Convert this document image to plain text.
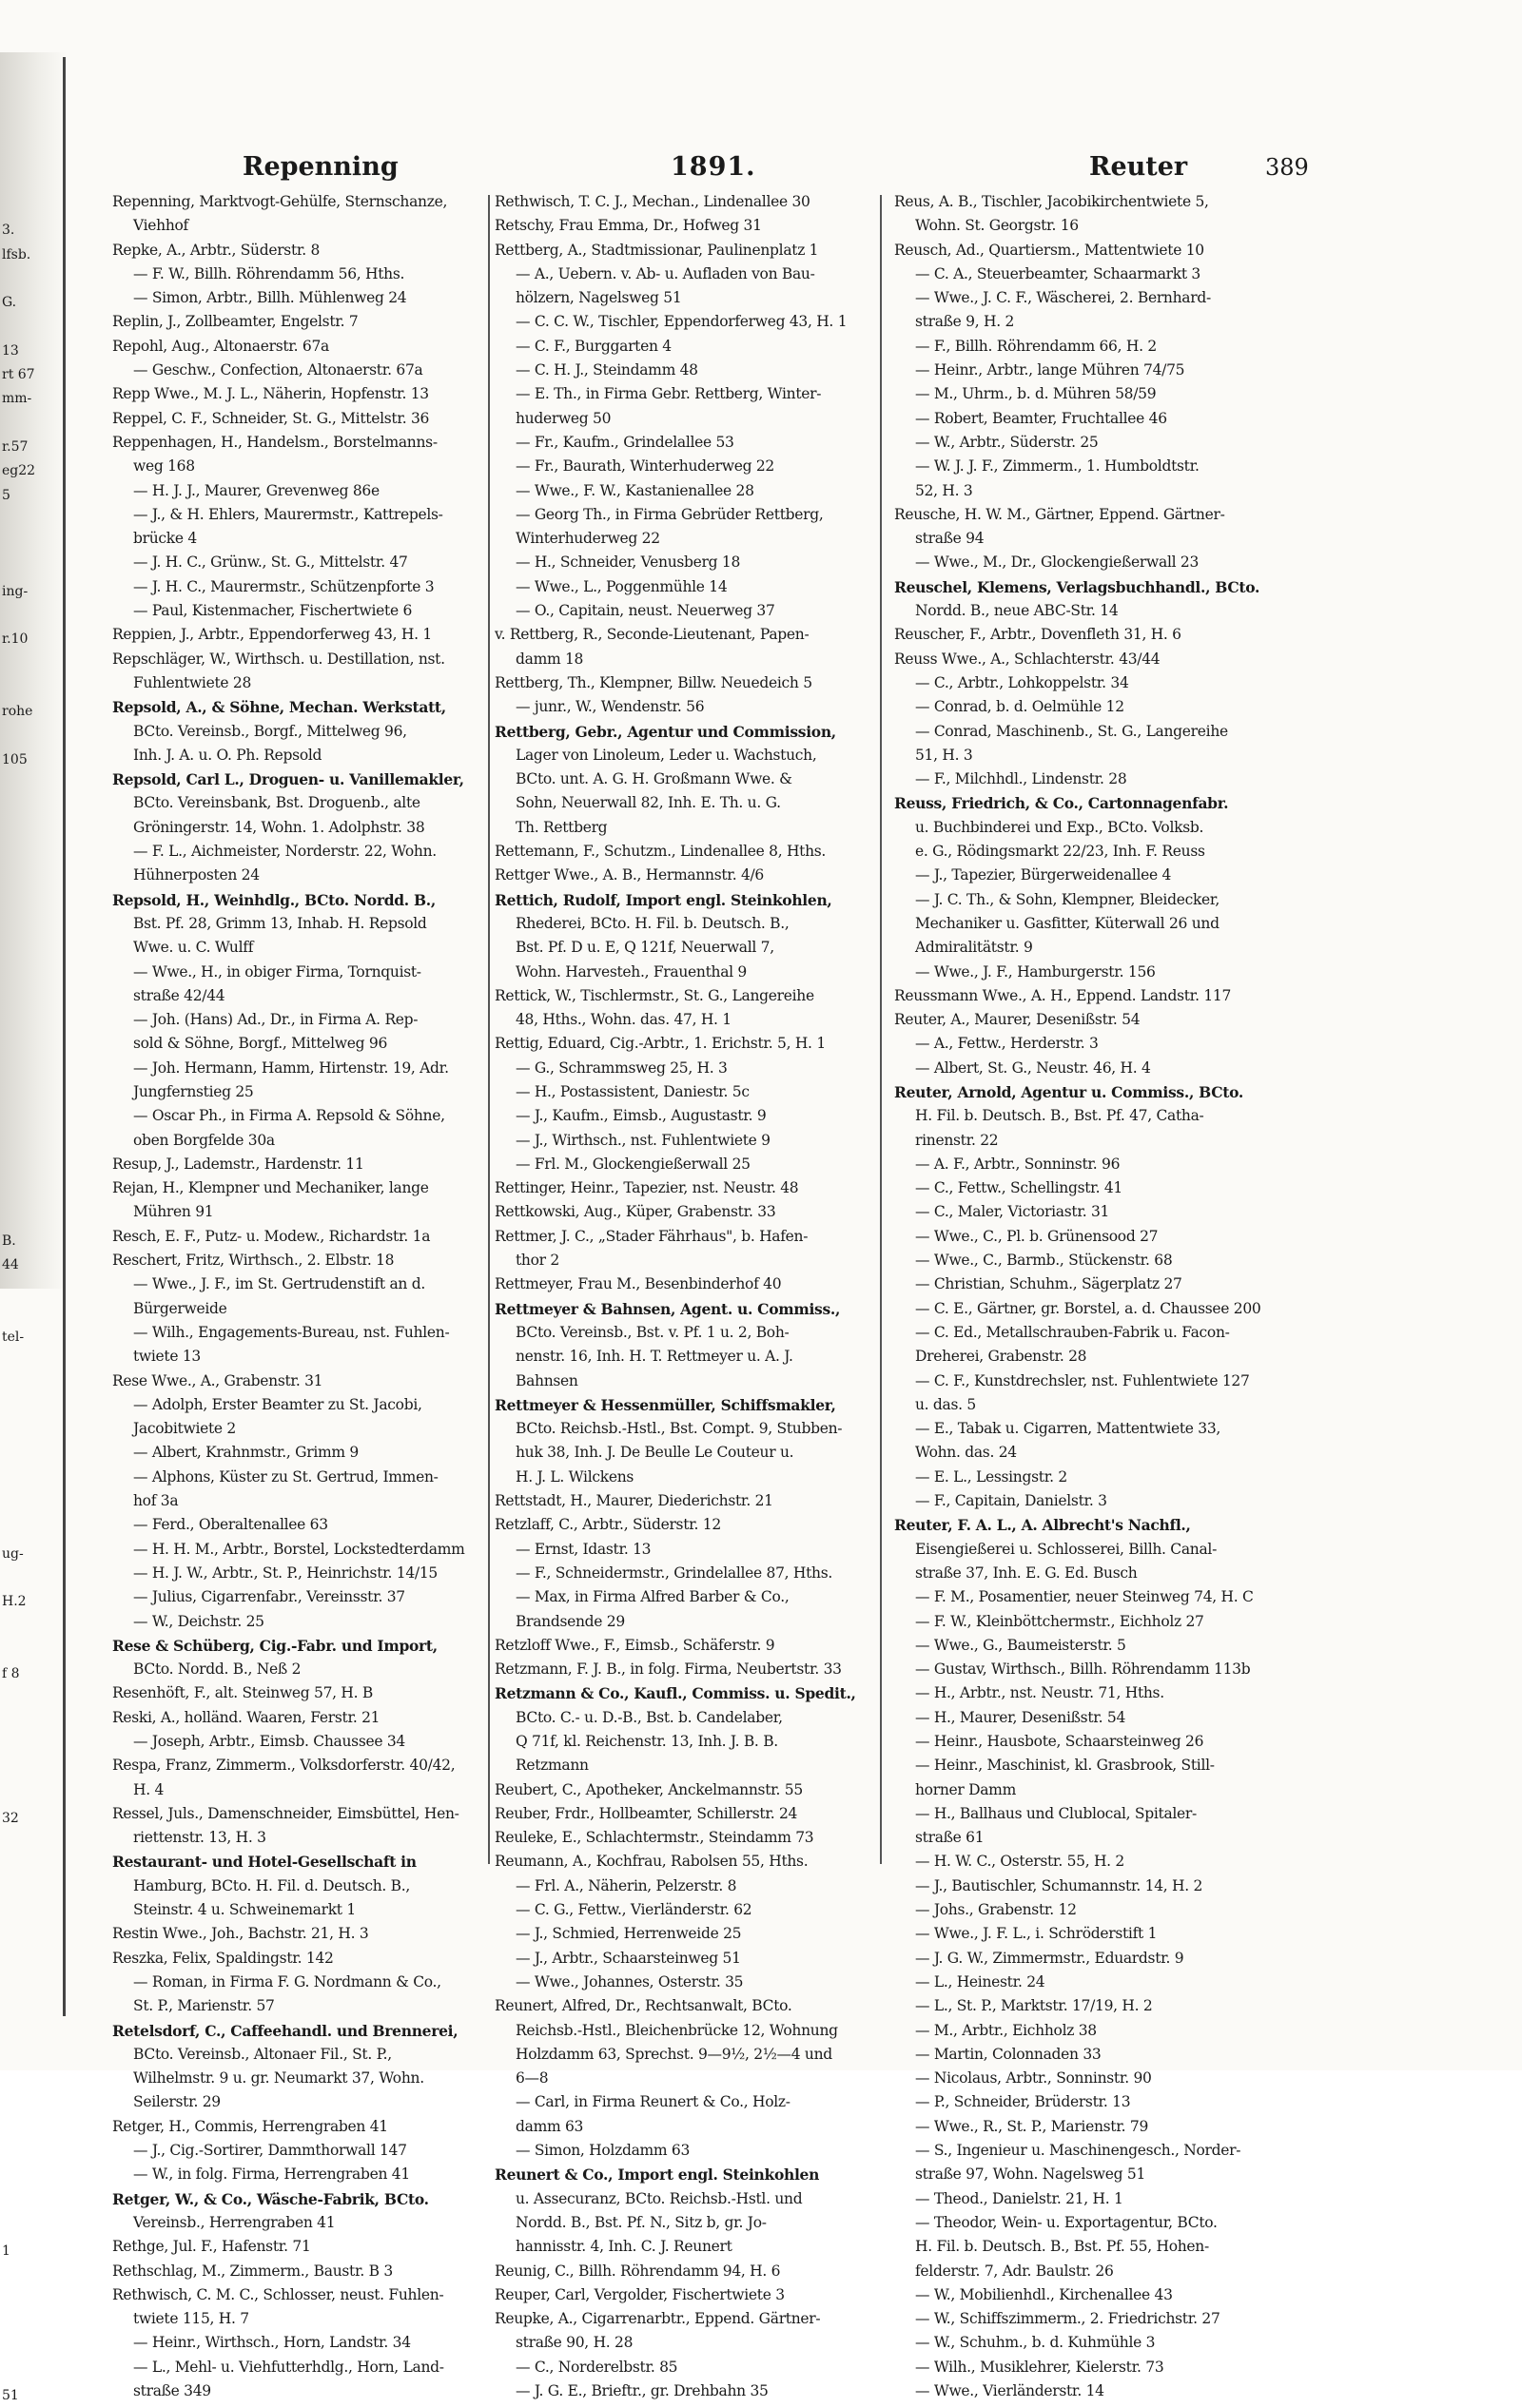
3.
lfsb.
G.
13
rt 67
mm-
r.57
eg22
5
ing-
r.10
rohe
105
B.
44
tel-
ug-
H.2
f 8
32
1
51
Repenning	1891.	Reuter	389
Repenning, Marktvogt-Gehülfe, Sternschanze,
Viehhof
Repke, A., Arbtr., Süderstr. 8
— F. W., Billh. Röhrendamm 56, Hths.
— Simon, Arbtr., Billh. Mühlenweg 24
Replin, J., Zollbeamter, Engelstr. 7
Repohl, Aug., Altonaerstr. 67a
— Geschw., Confection, Altonaerstr. 67a
Repp Wwe., M. J. L., Näherin, Hopfenstr. 13
Reppel, C. F., Schneider, St. G., Mittelstr. 36
Reppenhagen, H., Handelsm., Borstelmanns-
weg 168
— H. J. J., Maurer, Grevenweg 86e
— J., & H. Ehlers, Maurermstr., Kattrepels-
brücke 4
— J. H. C., Grünw., St. G., Mittelstr. 47
— J. H. C., Maurermstr., Schützenpforte 3
— Paul, Kistenmacher, Fischertwiete 6
Reppien, J., Arbtr., Eppendorferweg 43, H. 1
Repschläger, W., Wirthsch. u. Destillation, nst.
Fuhlentwiete 28
Repsold, A., & Söhne, Mechan. Werkstatt,
BCto. Vereinsb., Borgf., Mittelweg 96,
Inh. J. A. u. O. Ph. Repsold
Repsold, Carl L., Droguen- u. Vanillemakler,
BCto. Vereinsbank, Bst. Droguenb., alte
Gröningerstr. 14, Wohn. 1. Adolphstr. 38
— F. L., Aichmeister, Norderstr. 22, Wohn.
Hühnerposten 24
Repsold, H., Weinhdlg., BCto. Nordd. B.,
Bst. Pf. 28, Grimm 13, Inhab. H. Repsold
Wwe. u. C. Wulff
— Wwe., H., in obiger Firma, Tornquist-
straße 42/44
— Joh. (Hans) Ad., Dr., in Firma A. Rep-
sold & Söhne, Borgf., Mittelweg 96
— Joh. Hermann, Hamm, Hirtenstr. 19, Adr.
Jungfernstieg 25
— Oscar Ph., in Firma A. Repsold & Söhne,
oben Borgfelde 30a
Resup, J., Lademstr., Hardenstr. 11
Rejan, H., Klempner und Mechaniker, lange
Mühren 91
Resch, E. F., Putz- u. Modew., Richardstr. 1a
Reschert, Fritz, Wirthsch., 2. Elbstr. 18
— Wwe., J. F., im St. Gertrudenstift an d.
Bürgerweide
— Wilh., Engagements-Bureau, nst. Fuhlen-
twiete 13
Rese Wwe., A., Grabenstr. 31
— Adolph, Erster Beamter zu St. Jacobi,
Jacobitwiete 2
— Albert, Krahnmstr., Grimm 9
— Alphons, Küster zu St. Gertrud, Immen-
hof 3a
— Ferd., Oberaltenallee 63
— H. H. M., Arbtr., Borstel, Lockstedterdamm
— H. J. W., Arbtr., St. P., Heinrichstr. 14/15
— Julius, Cigarrenfabr., Vereinsstr. 37
— W., Deichstr. 25
Rese & Schüberg, Cig.-Fabr. und Import,
BCto. Nordd. B., Neß 2
Resenhöft, F., alt. Steinweg 57, H. B
Reski, A., holländ. Waaren, Ferstr. 21
— Joseph, Arbtr., Eimsb. Chaussee 34
Respa, Franz, Zimmerm., Volksdorferstr. 40/42,
H. 4
Ressel, Juls., Damenschneider, Eimsbüttel, Hen-
riettenstr. 13, H. 3
Restaurant- und Hotel-Gesellschaft in
Hamburg, BCto. H. Fil. d. Deutsch. B.,
Steinstr. 4 u. Schweinemarkt 1
Restin Wwe., Joh., Bachstr. 21, H. 3
Reszka, Felix, Spaldingstr. 142
— Roman, in Firma F. G. Nordmann & Co.,
St. P., Marienstr. 57
Retelsdorf, C., Caffeehandl. und Brennerei,
BCto. Vereinsb., Altonaer Fil., St. P.,
Wilhelmstr. 9 u. gr. Neumarkt 37, Wohn.
Seilerstr. 29
Retger, H., Commis, Herrengraben 41
— J., Cig.-Sortirer, Dammthorwall 147
— W., in folg. Firma, Herrengraben 41
Retger, W., & Co., Wäsche-Fabrik, BCto.
Vereinsb., Herrengraben 41
Rethge, Jul. F., Hafenstr. 71
Rethschlag, M., Zimmerm., Baustr. B 3
Rethwisch, C. M. C., Schlosser, neust. Fuhlen-
twiete 115, H. 7
— Heinr., Wirthsch., Horn, Landstr. 34
— L., Mehl- u. Viehfutterhdlg., Horn, Land-
straße 349
Rethwisch, T. C. J., Mechan., Lindenallee 30
Retschy, Frau Emma, Dr., Hofweg 31
Rettberg, A., Stadtmissionar, Paulinenplatz 1
— A., Uebern. v. Ab- u. Aufladen von Bau-
hölzern, Nagelsweg 51
— C. C. W., Tischler, Eppendorferweg 43, H. 1
— C. F., Burggarten 4
— C. H. J., Steindamm 48
— E. Th., in Firma Gebr. Rettberg, Winter-
huderweg 50
— Fr., Kaufm., Grindelallee 53
— Fr., Baurath, Winterhuderweg 22
— Wwe., F. W., Kastanienallee 28
— Georg Th., in Firma Gebrüder Rettberg,
Winterhuderweg 22
— H., Schneider, Venusberg 18
— Wwe., L., Poggenmühle 14
— O., Capitain, neust. Neuerweg 37
v. Rettberg, R., Seconde-Lieutenant, Papen-
damm 18
Rettberg, Th., Klempner, Billw. Neuedeich 5
— junr., W., Wendenstr. 56
Rettberg, Gebr., Agentur und Commission,
Lager von Linoleum, Leder u. Wachstuch,
BCto. unt. A. G. H. Großmann Wwe. &
Sohn, Neuerwall 82, Inh. E. Th. u. G.
Th. Rettberg
Rettemann, F., Schutzm., Lindenallee 8, Hths.
Rettger Wwe., A. B., Hermannstr. 4/6
Rettich, Rudolf, Import engl. Steinkohlen,
Rhederei, BCto. H. Fil. b. Deutsch. B.,
Bst. Pf. D u. E, Q 121f, Neuerwall 7,
Wohn. Harvesteh., Frauenthal 9
Rettick, W., Tischlermstr., St. G., Langereihe
48, Hths., Wohn. das. 47, H. 1
Rettig, Eduard, Cig.-Arbtr., 1. Erichstr. 5, H. 1
— G., Schrammsweg 25, H. 3
— H., Postassistent, Daniestr. 5c
— J., Kaufm., Eimsb., Augustastr. 9
— J., Wirthsch., nst. Fuhlentwiete 9
— Frl. M., Glockengießerwall 25
Rettinger, Heinr., Tapezier, nst. Neustr. 48
Rettkowski, Aug., Küper, Grabenstr. 33
Rettmer, J. C., „Stader Fährhaus", b. Hafen-
thor 2
Rettmeyer, Frau M., Besenbinderhof 40
Rettmeyer & Bahnsen, Agent. u. Commiss.,
BCto. Vereinsb., Bst. v. Pf. 1 u. 2, Boh-
nenstr. 16, Inh. H. T. Rettmeyer u. A. J.
Bahnsen
Rettmeyer & Hessenmüller, Schiffsmakler,
BCto. Reichsb.-Hstl., Bst. Compt. 9, Stubben-
huk 38, Inh. J. De Beulle Le Couteur u.
H. J. L. Wilckens
Rettstadt, H., Maurer, Diederichstr. 21
Retzlaff, C., Arbtr., Süderstr. 12
— Ernst, Idastr. 13
— F., Schneidermstr., Grindelallee 87, Hths.
— Max, in Firma Alfred Barber & Co.,
Brandsende 29
Retzloff Wwe., F., Eimsb., Schäferstr. 9
Retzmann, F. J. B., in folg. Firma, Neubertstr. 33
Retzmann & Co., Kaufl., Commiss. u. Spedit.,
BCto. C.- u. D.-B., Bst. b. Candelaber,
Q 71f, kl. Reichenstr. 13, Inh. J. B. B.
Retzmann
Reubert, C., Apotheker, Anckelmannstr. 55
Reuber, Frdr., Hollbeamter, Schillerstr. 24
Reuleke, E., Schlachtermstr., Steindamm 73
Reumann, A., Kochfrau, Rabolsen 55, Hths.
— Frl. A., Näherin, Pelzerstr. 8
— C. G., Fettw., Vierländerstr. 62
— J., Schmied, Herrenweide 25
— J., Arbtr., Schaarsteinweg 51
— Wwe., Johannes, Osterstr. 35
Reunert, Alfred, Dr., Rechtsanwalt, BCto.
Reichsb.-Hstl., Bleichenbrücke 12, Wohnung
Holzdamm 63, Sprechst. 9—9½, 2½—4 und
6—8
— Carl, in Firma Reunert & Co., Holz-
damm 63
— Simon, Holzdamm 63
Reunert & Co., Import engl. Steinkohlen
u. Assecuranz, BCto. Reichsb.-Hstl. und
Nordd. B., Bst. Pf. N., Sitz b, gr. Jo-
hannisstr. 4, Inh. C. J. Reunert
Reunig, C., Billh. Röhrendamm 94, H. 6
Reuper, Carl, Vergolder, Fischertwiete 3
Reupke, A., Cigarrenarbtr., Eppend. Gärtner-
straße 90, H. 28
— C., Norderelbstr. 85
— J. G. E., Brieftr., gr. Drehbahn 35
Reus, A. B., Tischler, Jacobikirchentwiete 5,
Wohn. St. Georgstr. 16
Reusch, Ad., Quartiersm., Mattentwiete 10
— C. A., Steuerbeamter, Schaarmarkt 3
— Wwe., J. C. F., Wäscherei, 2. Bernhard-
straße 9, H. 2
— F., Billh. Röhrendamm 66, H. 2
— Heinr., Arbtr., lange Mühren 74/75
— M., Uhrm., b. d. Mühren 58/59
— Robert, Beamter, Fruchtallee 46
— W., Arbtr., Süderstr. 25
— W. J. J. F., Zimmerm., 1. Humboldtstr.
52, H. 3
Reusche, H. W. M., Gärtner, Eppend. Gärtner-
straße 94
— Wwe., M., Dr., Glockengießerwall 23
Reuschel, Klemens, Verlagsbuchhandl., BCto.
Nordd. B., neue ABC-Str. 14
Reuscher, F., Arbtr., Dovenfleth 31, H. 6
Reuss Wwe., A., Schlachterstr. 43/44
— C., Arbtr., Lohkoppelstr. 34
— Conrad, b. d. Oelmühle 12
— Conrad, Maschinenb., St. G., Langereihe
51, H. 3
— F., Milchhdl., Lindenstr. 28
Reuss, Friedrich, & Co., Cartonnagenfabr.
u. Buchbinderei und Exp., BCto. Volksb.
e. G., Rödingsmarkt 22/23, Inh. F. Reuss
— J., Tapezier, Bürgerweidenallee 4
— J. C. Th., & Sohn, Klempner, Bleidecker,
Mechaniker u. Gasfitter, Küterwall 26 und
Admiralitätstr. 9
— Wwe., J. F., Hamburgerstr. 156
Reussmann Wwe., A. H., Eppend. Landstr. 117
Reuter, A., Maurer, Desenißstr. 54
— A., Fettw., Herderstr. 3
— Albert, St. G., Neustr. 46, H. 4
Reuter, Arnold, Agentur u. Commiss., BCto.
H. Fil. b. Deutsch. B., Bst. Pf. 47, Catha-
rinenstr. 22
— A. F., Arbtr., Sonninstr. 96
— C., Fettw., Schellingstr. 41
— C., Maler, Victoriastr. 31
— Wwe., C., Pl. b. Grünensood 27
— Wwe., C., Barmb., Stückenstr. 68
— Christian, Schuhm., Sägerplatz 27
— C. E., Gärtner, gr. Borstel, a. d. Chaussee 200
— C. Ed., Metallschrauben-Fabrik u. Facon-
Dreherei, Grabenstr. 28
— C. F., Kunstdrechsler, nst. Fuhlentwiete 127
u. das. 5
— E., Tabak u. Cigarren, Mattentwiete 33,
Wohn. das. 24
— E. L., Lessingstr. 2
— F., Capitain, Danielstr. 3
Reuter, F. A. L., A. Albrecht's Nachfl.,
Eisengießerei u. Schlosserei, Billh. Canal-
straße 37, Inh. E. G. Ed. Busch
— F. M., Posamentier, neuer Steinweg 74, H. C
— F. W., Kleinböttchermstr., Eichholz 27
— Wwe., G., Baumeisterstr. 5
— Gustav, Wirthsch., Billh. Röhrendamm 113b
— H., Arbtr., nst. Neustr. 71, Hths.
— H., Maurer, Desenißstr. 54
— Heinr., Hausbote, Schaarsteinweg 26
— Heinr., Maschinist, kl. Grasbrook, Still-
horner Damm
— H., Ballhaus und Clublocal, Spitaler-
straße 61
— H. W. C., Osterstr. 55, H. 2
— J., Bautischler, Schumannstr. 14, H. 2
— Johs., Grabenstr. 12
— Wwe., J. F. L., i. Schröderstift 1
— J. G. W., Zimmermstr., Eduardstr. 9
— L., Heinestr. 24
— L., St. P., Marktstr. 17/19, H. 2
— M., Arbtr., Eichholz 38
— Martin, Colonnaden 33
— Nicolaus, Arbtr., Sonninstr. 90
— P., Schneider, Brüderstr. 13
— Wwe., R., St. P., Marienstr. 79
— S., Ingenieur u. Maschinengesch., Norder-
straße 97, Wohn. Nagelsweg 51
— Theod., Danielstr. 21, H. 1
— Theodor, Wein- u. Exportagentur, BCto.
H. Fil. b. Deutsch. B., Bst. Pf. 55, Hohen-
felderstr. 7, Adr. Baulstr. 26
— W., Mobilienhdl., Kirchenallee 43
— W., Schiffszimmerm., 2. Friedrichstr. 27
— W., Schuhm., b. d. Kuhmühle 3
— Wilh., Musiklehrer, Kielerstr. 73
— Wwe., Vierländerstr. 14
